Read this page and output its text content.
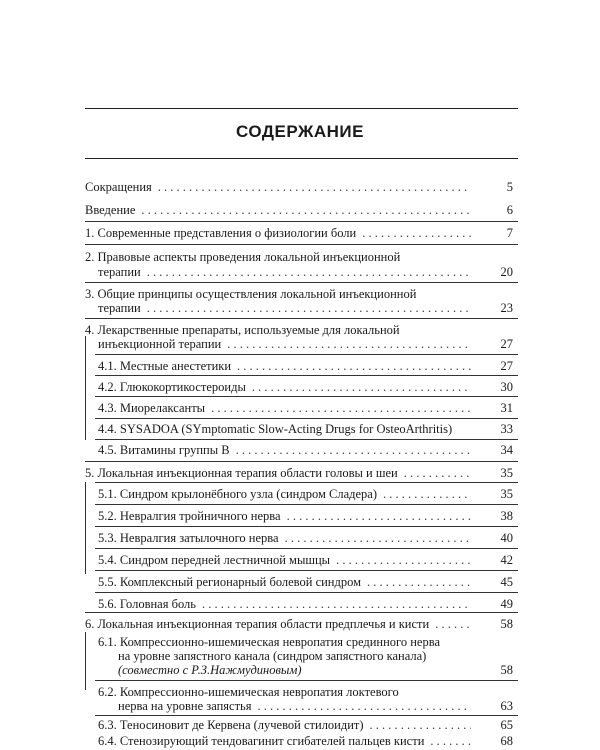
СОДЕРЖАНИЕ
Сокращения . . .	5
Введение . . .	6
1. Современные представления о физиологии боли . . .	7
2. Правовые аспекты проведения локальной инъекционной
терапии . . .	20
3. Общие принципы осуществления локальной инъекционной
терапии . . .	23
4. Лекарственные препараты, используемые для локальной
инъекционной терапии . . .	27
4.1. Местные анестетики . . .	27
4.2. Глюкокортикостероиды . . .	30
4.3. Миорелаксанты . . .	31
4.4. SYSADOA (SYmptomatic Slow-Acting Drugs for OsteoArthritis)	33
4.5. Витамины группы B . . .	34
5. Локальная инъекционная терапия области головы и шеи . . .	35
5.1. Синдром крылонёбного узла (синдром Сладера) . . .	35
5.2. Невралгия тройничного нерва . . .	38
5.3. Невралгия затылочного нерва . . .	40
5.4. Синдром передней лестничной мышцы . . .	42
5.5. Комплексный регионарный болевой синдром . . .	45
5.6. Головная боль . . .	49
6. Локальная инъекционная терапия области предплечья и кисти . . .	58
6.1. Компрессионно-ишемическая невропатия срединного нерва
на уровне запястного канала (синдром запястного канала)
(совместно с Р.З.Нажмудиновым)	58
6.2. Компрессионно-ишемическая невропатия локтевого
нерва на уровне запястья . . .	63
6.3. Теносиновит де Кервена (лучевой стилоидит) . . .	65
6.4. Стенозирующий тендовагинит сгибателей пальцев кисти . . .	68
